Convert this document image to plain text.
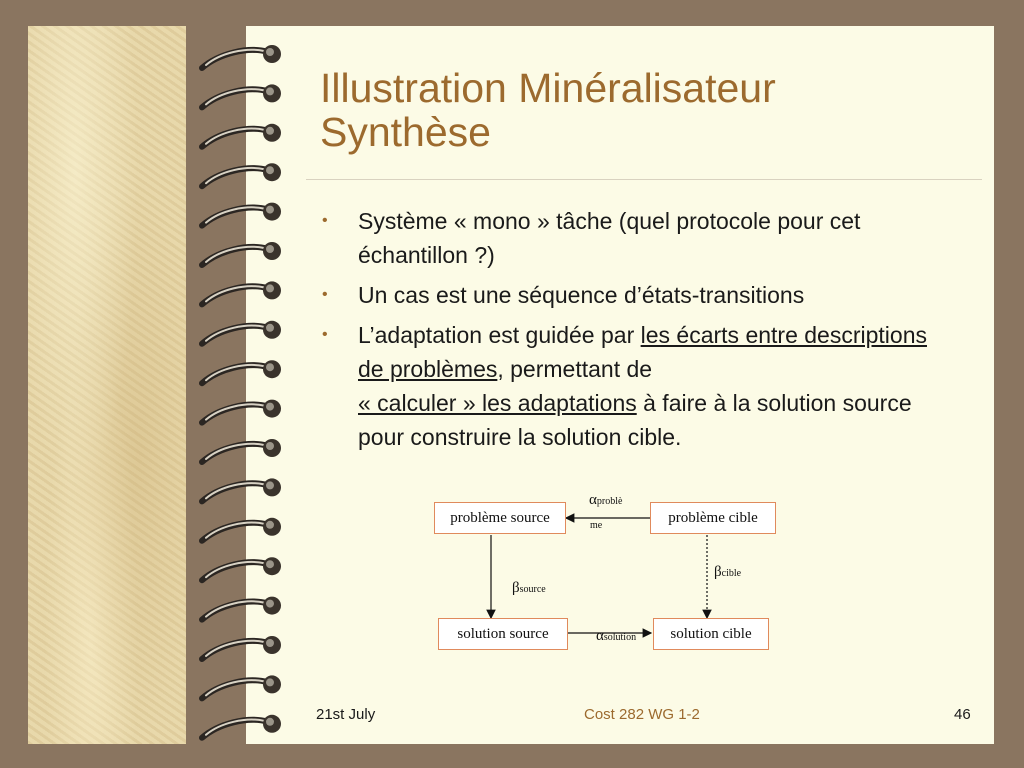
Illustration Minéralisateur
Synthèse
• Système « mono » tâche (quel protocole pour cet échantillon ?)
• Un cas est une séquence d’états-transitions
• L’adaptation est guidée par les écarts entre descriptions de problèmes, permettant de
« calculer » les adaptations à faire à la solution source pour construire la solution cible.
problème source	problème cible
solution source	solution cible
αproblè
me
βsource
βcible
αsolution
21st July	Cost 282 WG 1-2	46
